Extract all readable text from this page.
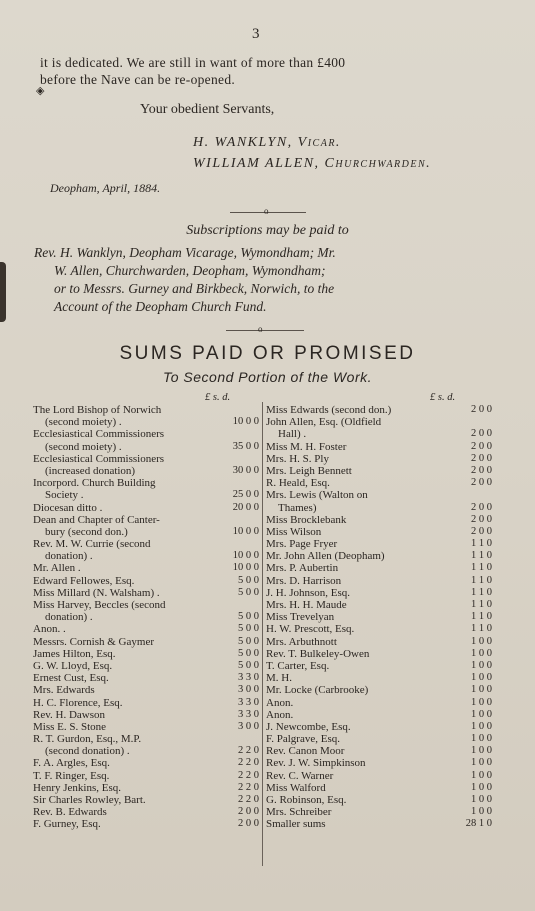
3
it is dedicated. We are still in want of more than £400
before the Nave can be re-opened.
◈
Your obedient Servants,
H. WANKLYN, Vicar.
WILLIAM ALLEN, Churchwarden.
Deopham, April, 1884.
o
Subscriptions may be paid to
Rev. H. Wanklyn, Deopham Vicarage, Wymondham; Mr.
W. Allen, Churchwarden, Deopham, Wymondham;
or to Messrs. Gurney and Birkbeck, Norwich, to the
Account of the Deopham Church Fund.
o
SUMS PAID OR PROMISED
To Second Portion of the Work.
£ s. d.	£ s. d.
The Lord Bishop of Norwich
(second moiety) .	10 0 0
Ecclesiastical Commissioners
(second moiety) .	35 0 0
Ecclesiastical Commissioners
(increased donation)	30 0 0
Incorpord. Church Building
Society .	25 0 0
Diocesan ditto .	20 0 0
Dean and Chapter of Canter-
bury (second don.)	10 0 0
Rev. M. W. Currie (second
donation) .	10 0 0
Mr. Allen .	10 0 0
Edward Fellowes, Esq.	5 0 0
Miss Millard (N. Walsham) .	5 0 0
Miss Harvey, Beccles (second
donation) .	5 0 0
Anon. .	5 0 0
Messrs. Cornish & Gaymer	5 0 0
James Hilton, Esq.	5 0 0
G. W. Lloyd, Esq.	5 0 0
Ernest Cust, Esq.	3 3 0
Mrs. Edwards	3 0 0
H. C. Florence, Esq.	3 3 0
Rev. H. Dawson	3 3 0
Miss E. S. Stone	3 0 0
R. T. Gurdon, Esq., M.P.
(second donation) .	2 2 0
F. A. Argles, Esq.	2 2 0
T. F. Ringer, Esq.	2 2 0
Henry Jenkins, Esq.	2 2 0
Sir Charles Rowley, Bart.	2 2 0
Rev. B. Edwards	2 0 0
F. Gurney, Esq.	2 0 0
Miss Edwards (second don.)	2 0 0
John Allen, Esq. (Oldfield
Hall) .	2 0 0
Miss M. H. Foster	2 0 0
Mrs. H. S. Ply	2 0 0
Mrs. Leigh Bennett	2 0 0
R. Heald, Esq.	2 0 0
Mrs. Lewis (Walton on
Thames)	2 0 0
Miss Brocklebank	2 0 0
Miss Wilson	2 0 0
Mrs. Page Fryer	1 1 0
Mr. John Allen (Deopham)	1 1 0
Mrs. P. Aubertin	1 1 0
Mrs. D. Harrison	1 1 0
J. H. Johnson, Esq.	1 1 0
Mrs. H. H. Maude	1 1 0
Miss Trevelyan	1 1 0
H. W. Prescott, Esq.	1 1 0
Mrs. Arbuthnott	1 0 0
Rev. T. Bulkeley-Owen	1 0 0
T. Carter, Esq.	1 0 0
M. H.	1 0 0
Mr. Locke (Carbrooke)	1 0 0
Anon.	1 0 0
Anon.	1 0 0
J. Newcombe, Esq.	1 0 0
F. Palgrave, Esq.	1 0 0
Rev. Canon Moor	1 0 0
Rev. J. W. Simpkinson	1 0 0
Rev. C. Warner	1 0 0
Miss Walford	1 0 0
G. Robinson, Esq.	1 0 0
Mrs. Schreiber	1 0 0
Smaller sums	28 1 0
